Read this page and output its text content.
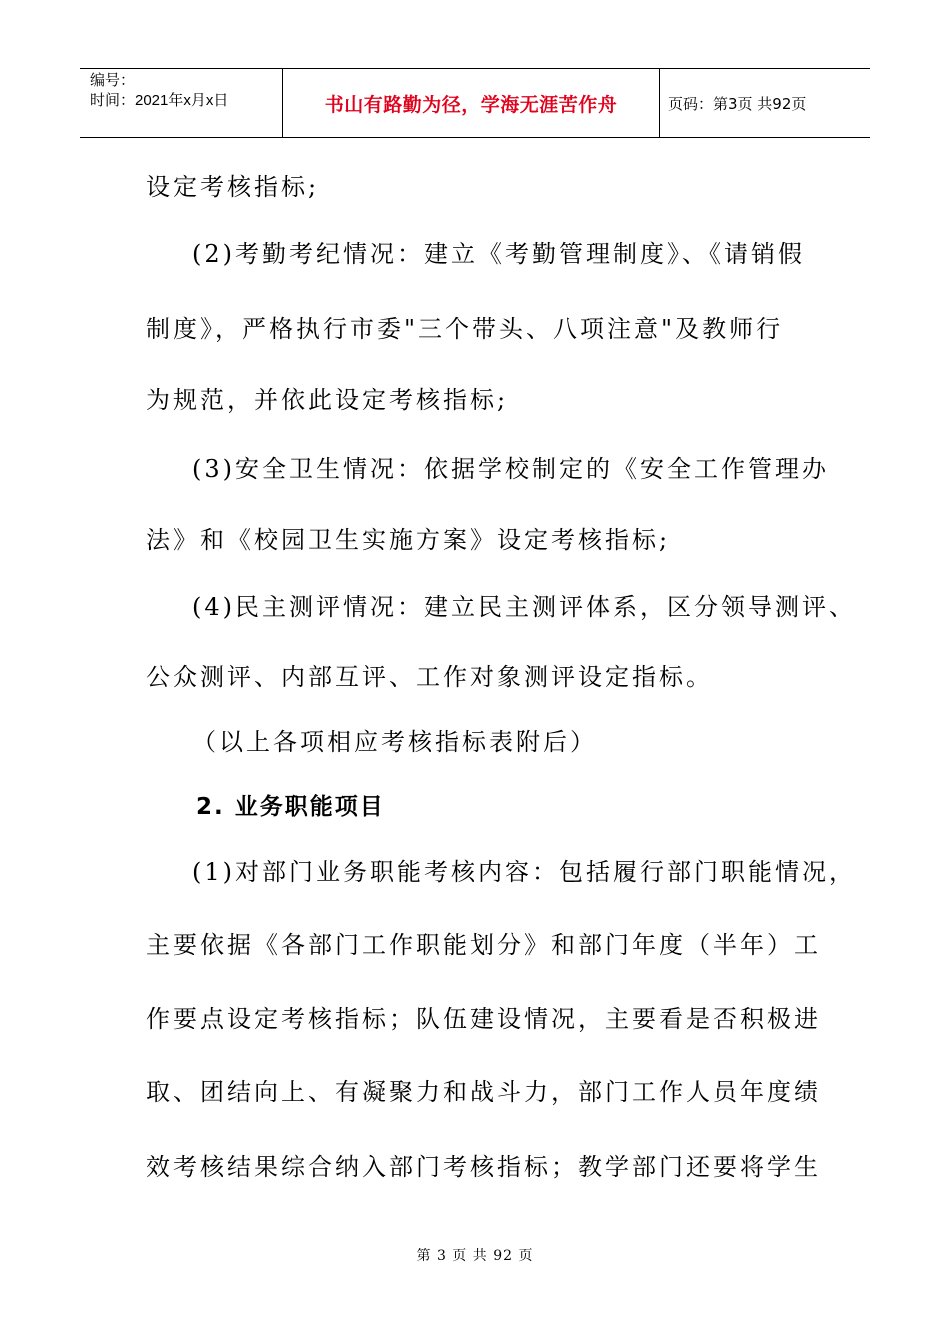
编号：
时间：2021年x月x日	书山有路勤为径，学海无涯苦作舟	页码：第3页 共92页
设定考核指标;
(2)考勤考纪情况：建立《考勤管理制度》、《请销假
制度》，严格执行市委"三个带头、八项注意"及教师行
为规范，并依此设定考核指标;
(3)安全卫生情况：依据学校制定的《安全工作管理办
法》和《校园卫生实施方案》设定考核指标;
(4)民主测评情况：建立民主测评体系，区分领导测评、
公众测评、内部互评、工作对象测评设定指标。
（以上各项相应考核指标表附后）
2. 业务职能项目
(1)对部门业务职能考核内容：包括履行部门职能情况，
主要依据《各部门工作职能划分》和部门年度（半年）工
作要点设定考核指标；队伍建设情况，主要看是否积极进
取、团结向上、有凝聚力和战斗力，部门工作人员年度绩
效考核结果综合纳入部门考核指标；教学部门还要将学生
第 3 页 共 92 页
